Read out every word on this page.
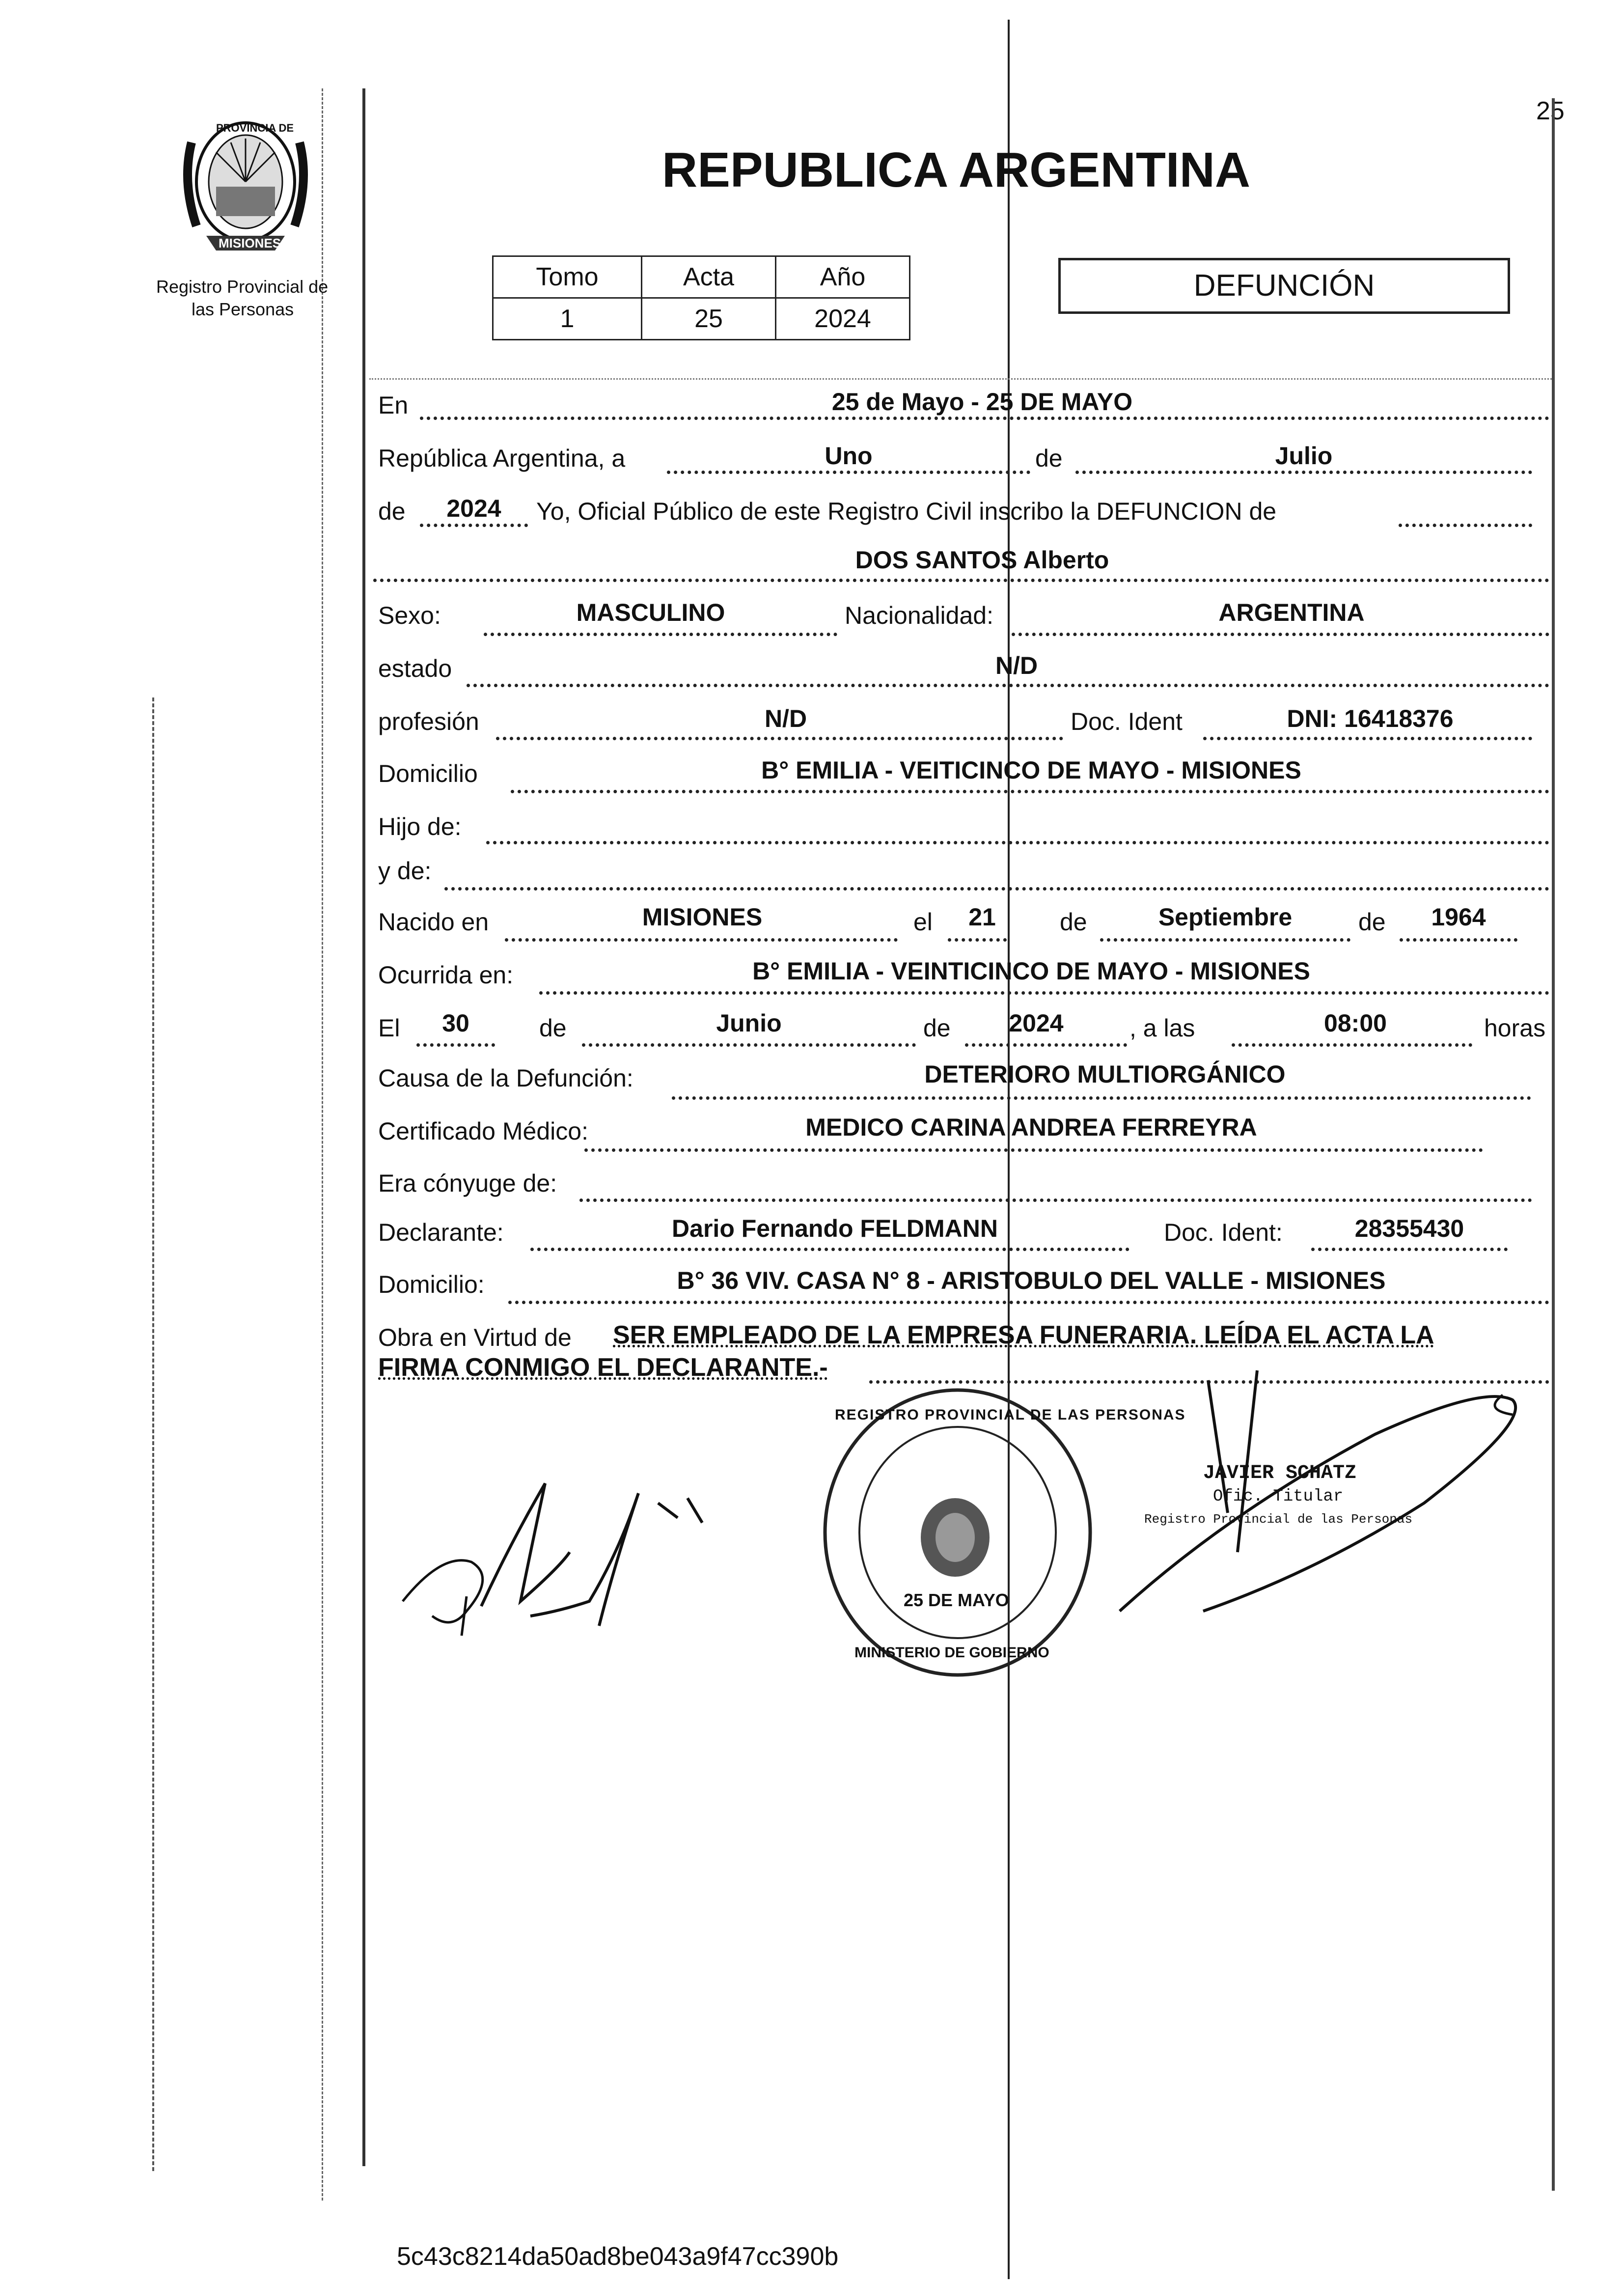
25
PROVINCIA DE
MISIONES
Registro Provincial de
las Personas
REPUBLICA ARGENTINA
Tomo	Acta	Año
1	25	2024
DEFUNCIÓN
En	25 de Mayo - 25 DE MAYO
República Argentina, a	Uno	de	Julio
de	2024	Yo, Oficial Público de este Registro Civil inscribo la DEFUNCION de
DOS SANTOS Alberto
Sexo:	MASCULINO	Nacionalidad:	ARGENTINA
estado	N/D
profesión	N/D	Doc. Ident	DNI: 16418376
Domicilio	B° EMILIA - VEITICINCO DE MAYO - MISIONES
Hijo de:
y de:
Nacido en	MISIONES	el	21	de	Septiembre	de	1964
Ocurrida en:	B° EMILIA - VEINTICINCO DE MAYO - MISIONES
El	30	de	Junio	de	2024	, a las	08:00	horas
Causa de la Defunción:	DETERIORO MULTIORGÁNICO
Certificado Médico:	MEDICO CARINA ANDREA FERREYRA
Era cónyuge de:
Declarante:	Dario Fernando FELDMANN	Doc. Ident:	28355430
Domicilio:	B° 36 VIV. CASA N° 8 - ARISTOBULO DEL VALLE - MISIONES
Obra en Virtud de SER EMPLEADO DE LA EMPRESA FUNERARIA. LEÍDA EL ACTA LA
FIRMA CONMIGO EL DECLARANTE.-
REGISTRO PROVINCIAL DE LAS PERSONAS
25 DE MAYO
MINISTERIO DE GOBIERNO
JAVIER SCHATZ
Ofic. Titular
Registro Provincial de las Personas
5c43c8214da50ad8be043a9f47cc390b
